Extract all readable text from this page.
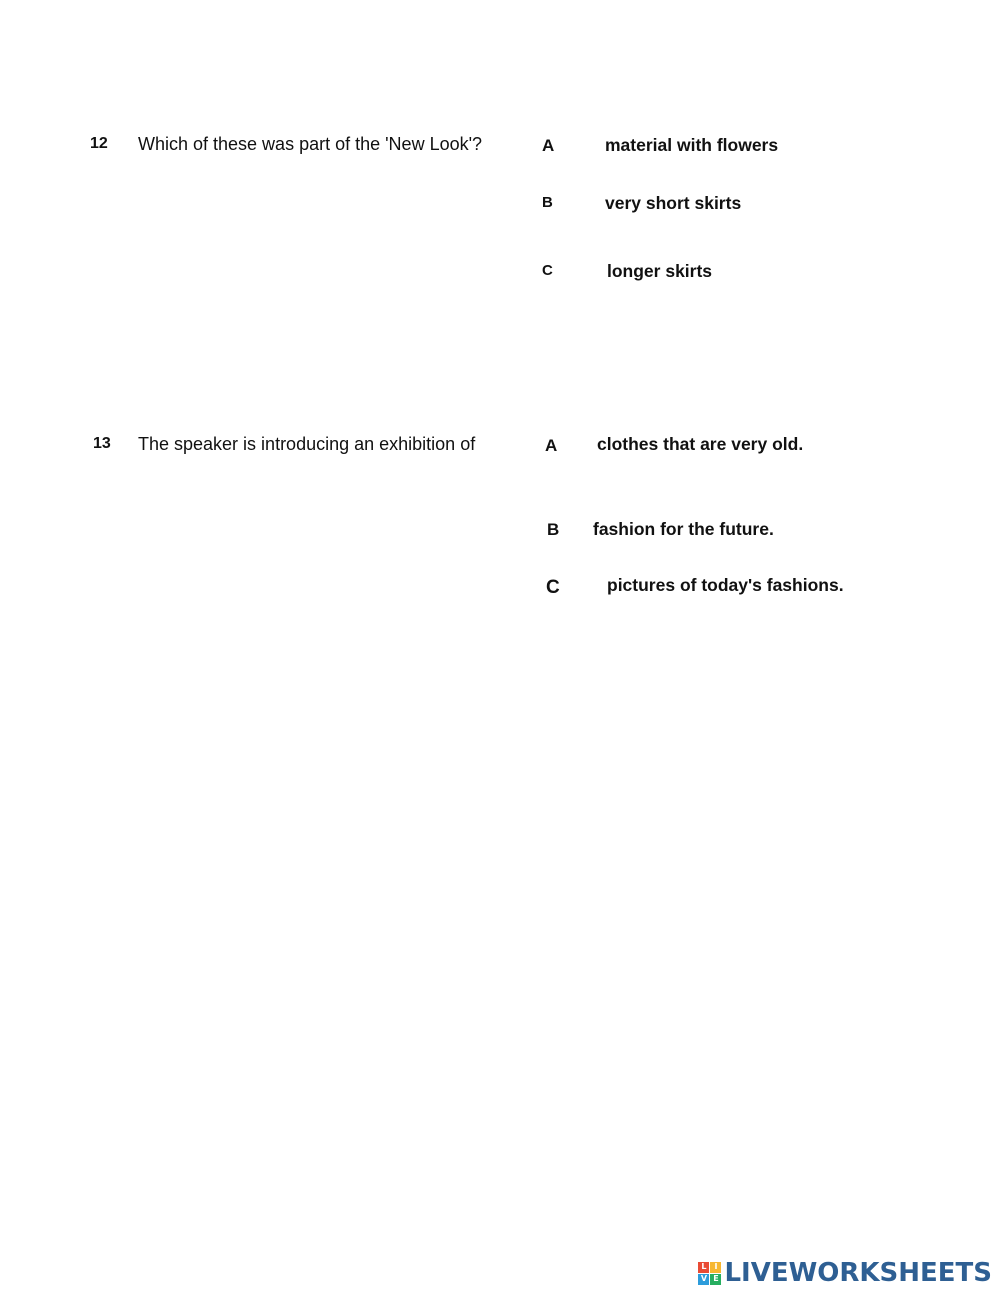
12 Which of these was part of the 'New Look'?	A	material with flowers
B	very short skirts
C	longer skirts
13 The speaker is introducing an exhibition of	A clothes that are very old.
B fashion for the future.
C	pictures of today's fashions.
L I
V E LIVEWORKSHEETS
